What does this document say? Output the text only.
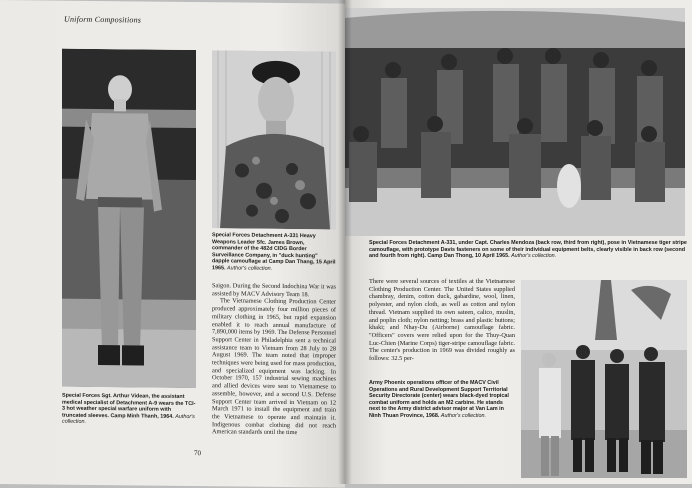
Uniform Compositions
Special Forces Sgt. Arthur Videan, the assistant medical specialist of Detachment A-9 wears the TCI-3 hot weather special warfare uniform with truncated sleeves. Camp Minh Thanh, 1964. Author's collection.
Special Forces Detachment A-331 Heavy Weapons Leader Sfc. James Brown, commander of the 482d CIDG Border Surveillance Company, in "duck hunting" dapple camouflage at Camp Dan Thang, 15 April 1965. Author's collection.

Saigon. During the Second Indochina War it was assisted by MACV Advisory Team 18.

The Vietnamese Clothing Production Center produced approximately four million pieces of military clothing in 1965, but rapid expansion enabled it to reach annual manufacture of 7,890,000 items by 1969. The Defense Personnel Support Center in Philadelphia sent a technical assistance team to Vietnam from 28 July to 28 August 1969. The team noted that improper techniques were being used for mass production, and specialized equipment was lacking. In October 1970, 157 industrial sewing machines and allied devices were sent to Vietnamese to assemble, however, and a second U.S. Defense Support Center team arrived in Vietnam on 12 March 1971 to install the equipment and train the Vietnamese to operate and maintain it. Indigenous combat clothing did not reach American standards until the time

70
Special Forces Detachment A-331, under Capt. Charles Mendoza (back row, third from right), pose in Vietnamese tiger stripe camouflage, with prototype Davis fasteners on some of their individual equipment belts, clearly visible in back row (second and fourth from right). Camp Dan Thong, 10 April 1965. Author's collection.

There were several sources of textiles at the Vietnamese Clothing Production Center. The United States supplied chambray, denim, cotton duck, gabardine, wool, linen, polyester, and nylon cloth, as well as cotton and nylon thread. Vietnam supplied its own sateen, calico, muslin, and poplin cloth; nylon netting; brass and plastic buttons; khaki; and Nhay-Du (Airborne) camouflage fabric. "Officers" covers were relied upon for the Thuy-Quan Luc-Chien (Marine Corps) tiger-stripe camouflage fabric. The center's production in 1969 was divided roughly as follows: 32.5 per-

Army Phoenix operations officer of the MACV Civil Operations and Rural Development Support Territorial Security Directorate (center) wears black-dyed tropical combat uniform and holds an M2 carbine. He stands next to the Army district advisor major at Van Lam in Ninh Thuan Province, 1968. Author's collection.
